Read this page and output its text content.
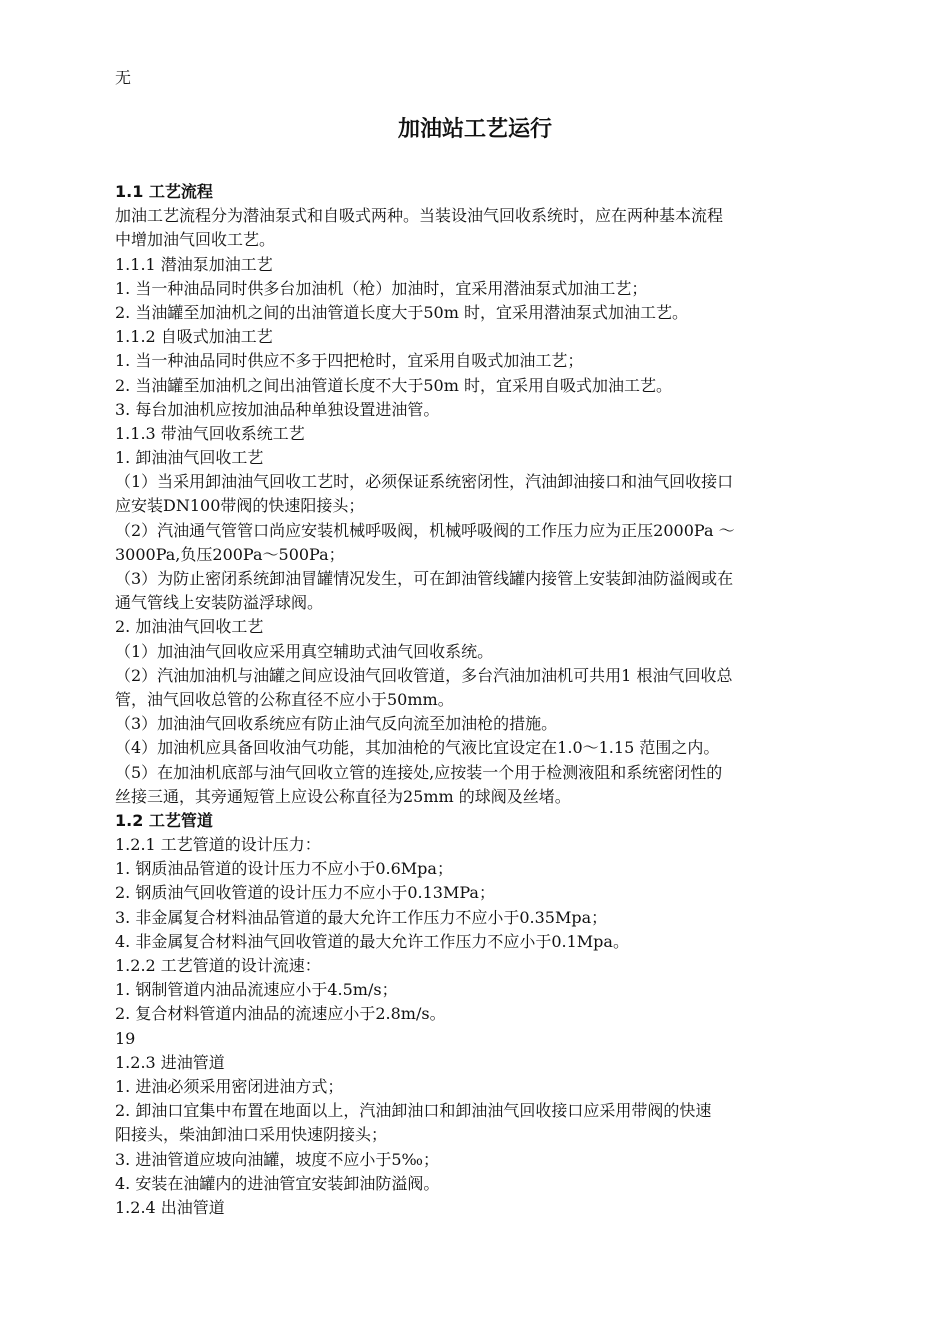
无
加油站工艺运行
1.1 工艺流程
加油工艺流程分为潜油泵式和自吸式两种。当装设油气回收系统时，应在两种基本流程
中增加油气回收工艺。
1.1.1 潜油泵加油工艺
1. 当一种油品同时供多台加油机（枪）加油时，宜采用潜油泵式加油工艺；
2. 当油罐至加油机之间的出油管道长度大于50m 时，宜采用潜油泵式加油工艺。
1.1.2 自吸式加油工艺
1. 当一种油品同时供应不多于四把枪时，宜采用自吸式加油工艺；
2. 当油罐至加油机之间出油管道长度不大于50m 时，宜采用自吸式加油工艺。
3. 每台加油机应按加油品种单独设置进油管。
1.1.3 带油气回收系统工艺
1. 卸油油气回收工艺
（1）当采用卸油油气回收工艺时，必须保证系统密闭性，汽油卸油接口和油气回收接口
应安装DN100带阀的快速阳接头；
（2）汽油通气管管口尚应安装机械呼吸阀，机械呼吸阀的工作压力应为正压2000Pa ～
3000Pa,负压200Pa～500Pa；
（3）为防止密闭系统卸油冒罐情况发生，可在卸油管线罐内接管上安装卸油防溢阀或在
通气管线上安装防溢浮球阀。
2. 加油油气回收工艺
（1）加油油气回收应采用真空辅助式油气回收系统。
（2）汽油加油机与油罐之间应设油气回收管道，多台汽油加油机可共用1 根油气回收总
管，油气回收总管的公称直径不应小于50mm。
（3）加油油气回收系统应有防止油气反向流至加油枪的措施。
（4）加油机应具备回收油气功能，其加油枪的气液比宜设定在1.0～1.15 范围之内。
（5）在加油机底部与油气回收立管的连接处,应按装一个用于检测液阻和系统密闭性的
丝接三通，其旁通短管上应设公称直径为25mm 的球阀及丝堵。
1.2 工艺管道
1.2.1 工艺管道的设计压力：
1. 钢质油品管道的设计压力不应小于0.6Mpa；
2. 钢质油气回收管道的设计压力不应小于0.13MPa；
3. 非金属复合材料油品管道的最大允许工作压力不应小于0.35Mpa；
4. 非金属复合材料油气回收管道的最大允许工作压力不应小于0.1Mpa。
1.2.2 工艺管道的设计流速：
1. 钢制管道内油品流速应小于4.5m/s；
2. 复合材料管道内油品的流速应小于2.8m/s。
19
1.2.3 进油管道
1. 进油必须采用密闭进油方式；
2. 卸油口宜集中布置在地面以上，汽油卸油口和卸油油气回收接口应采用带阀的快速
阳接头，柴油卸油口采用快速阴接头；
3. 进油管道应坡向油罐，坡度不应小于5‰；
4. 安装在油罐内的进油管宜安装卸油防溢阀。
1.2.4 出油管道
